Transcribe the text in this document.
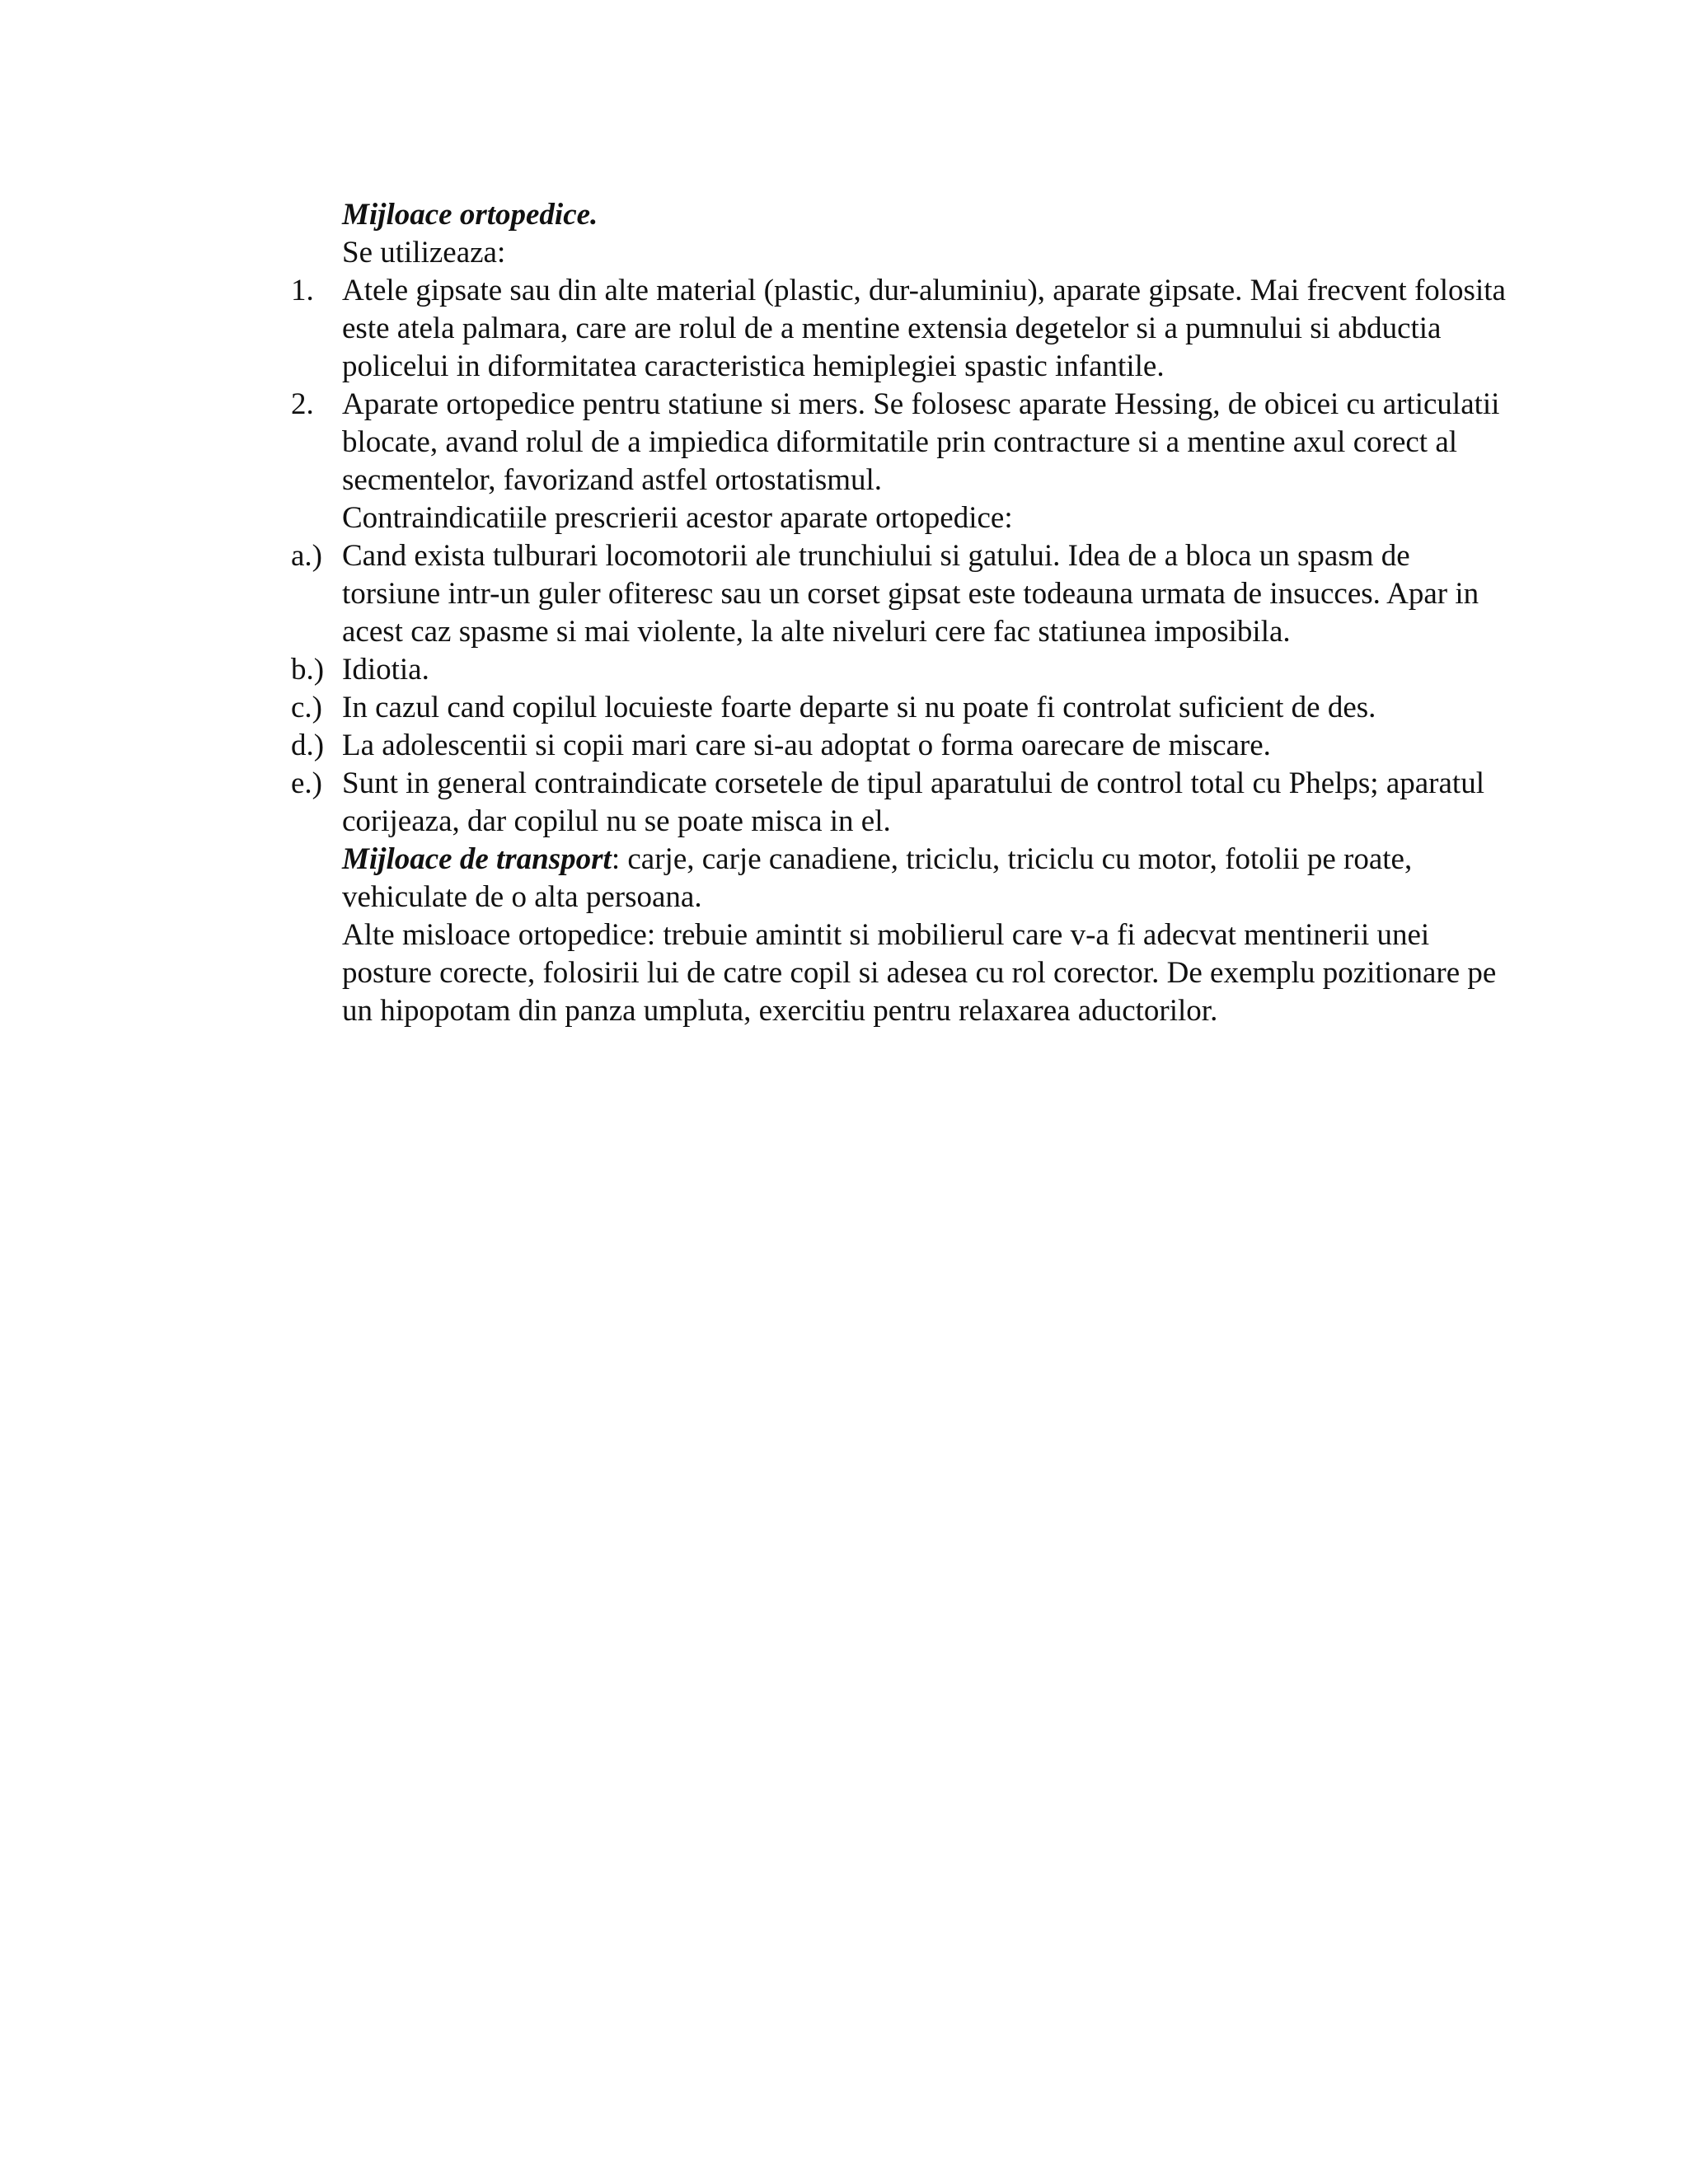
Mijloace ortopedice.

Se utilizeaza:

1. Atele gipsate sau din alte material (plastic, dur-aluminiu), aparate gipsate. Mai frecvent folosita este atela palmara, care are rolul de a mentine extensia degetelor si a pumnului si abductia policelui in diformitatea caracteristica hemiplegiei spastic infantile.
2. Aparate ortopedice pentru statiune si mers. Se folosesc aparate Hessing, de obicei cu articulatii blocate, avand rolul de a impiedica diformitatile prin contracture si a mentine axul corect al secmentelor, favorizand astfel ortostatismul.

Contraindicatiile prescrierii acestor aparate ortopedice:

a.) Cand exista tulburari locomotorii ale trunchiului si gatului. Idea de a bloca un spasm de torsiune intr-un guler ofiteresc sau un corset gipsat este todeauna urmata de insucces. Apar in acest caz spasme si mai violente, la alte niveluri cere fac statiunea imposibila.
b.) Idiotia.
c.) In cazul cand copilul locuieste foarte departe si nu poate fi controlat suficient de des.
d.) La adolescentii si copii mari care si-au adoptat o forma oarecare de miscare.
e.) Sunt in general contraindicate corsetele de tipul aparatului de control total cu Phelps; aparatul corijeaza, dar copilul nu se poate misca in el.

Mijloace de transport: carje, carje canadiene, triciclu, triciclu cu motor, fotolii pe roate, vehiculate de o alta persoana.

Alte misloace ortopedice: trebuie amintit si mobilierul care v-a fi adecvat mentinerii unei posture corecte, folosirii lui de catre copil si adesea cu rol corector. De exemplu pozitionare pe un hipopotam din panza umpluta, exercitiu pentru relaxarea aductorilor.
